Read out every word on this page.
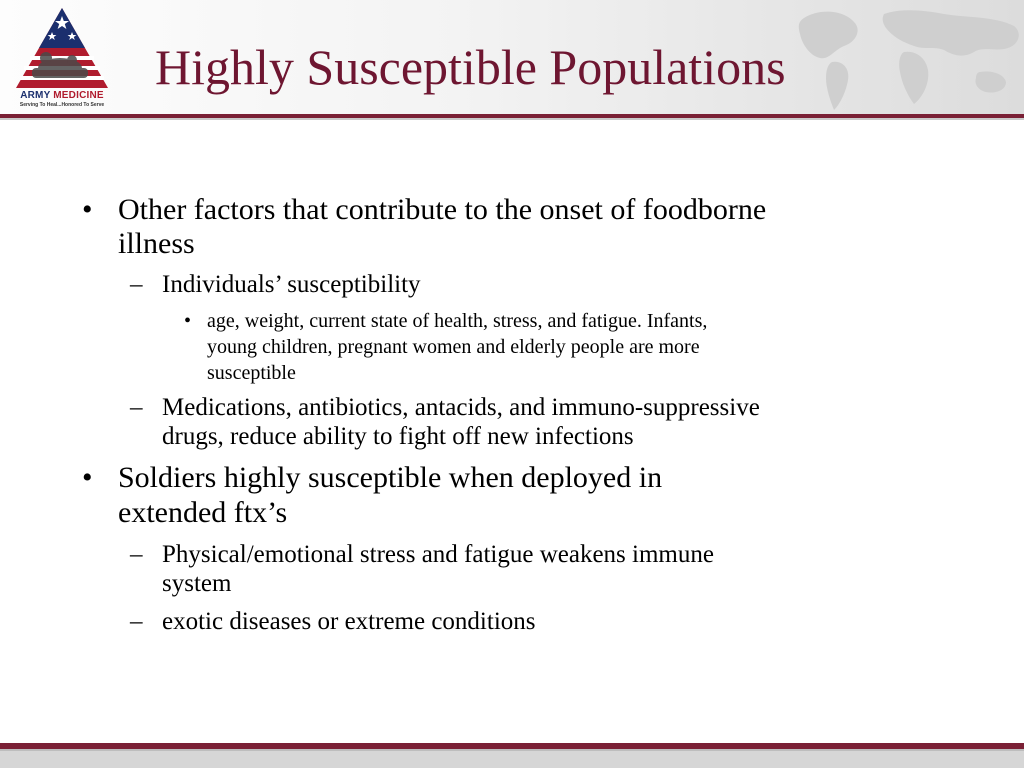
ARMY MEDICINE
Serving To Heal...Honored To Serve
Highly Susceptible Populations
• Other factors that contribute to the onset of foodborne
illness
– Individuals’ susceptibility
• age, weight, current state of health, stress, and fatigue. Infants,
young children, pregnant women and elderly people are more
susceptible
– Medications, antibiotics, antacids, and immuno-suppressive
drugs, reduce ability to fight off new infections
• Soldiers highly susceptible when deployed in
extended ftx’s
– Physical/emotional stress and fatigue weakens immune
system
– exotic diseases or extreme conditions
